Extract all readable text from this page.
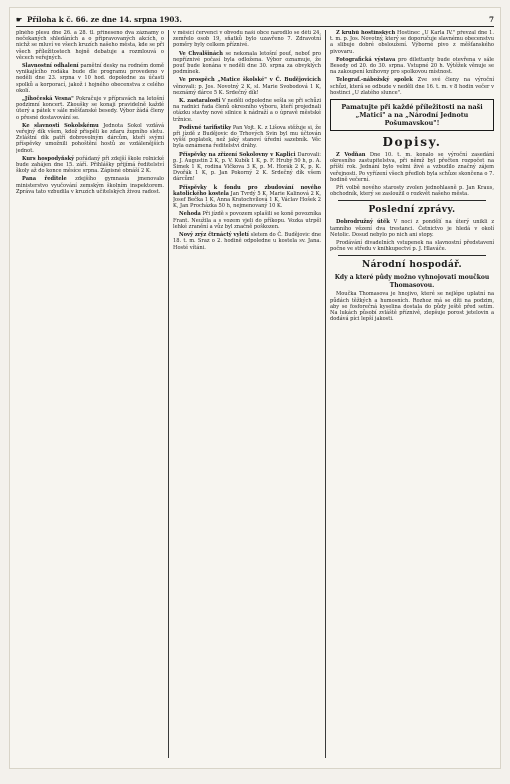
☛ Příloha k č. 66. ze dne 14. srpna 1903.	7

plného plesu dne 26. a 28. tl. přineseno dva záznamy o nečekaných shledáních a o připravovaných akcích, o nichž se mluví ve všech kruzích našeho města, kde se při všech příležitostech hojně debatuje a rozmlouvá o věcech veřejných.

Slavnostní odhalení pamětní desky na rodném domě vynikajícího rodáka bude dle programu provedeno v neděli dne 23. srpna v 10 hod. dopoledne za účasti spolků a korporací, jakož i hojného obecenstva z celého okolí.

„Jihočeská Vesna" Pokračuje v přípravách na letošní podzimní koncert. Zkoušky se konají pravidelně každé úterý a pátek v sále měšťanské besedy. Výbor žádá členy o přesné dostavování se.

Ke slavnosti Sokolskému Jednota Sokol vzdává veřejný dík všem, kdož přispěli ke zdaru župního sletu. Zvláštní dík patří dobrovolným dárcům, kteří svými příspěvky umožnili pohoštění hostů ze vzdálenějších jednot.

Kurs hospodyňský pořádaný při zdejší škole rolnické bude zahájen dne 15. září. Přihlášky přijímá ředitelství školy až do konce měsíce srpna. Zápisné obnáší 2 K.

Pana ředitele zdejšího gymnasia jmenovalo ministerstvo vyučování zemským školním inspektorem. Zpráva tato vzbudila v kruzích učitelských živou radost.

v měsíci červenci v obvodu naší obce narodilo se dětí 24, zemřelo osob 19, sňatků bylo uzavřeno 7. Zdravotní poměry byly celkem příznivé.

Ve Chvalšinách se nekonala letošní pouť, neboť pro nepříznivé počasí byla odložena. Výbor oznamuje, že pouť bude konána v neděli dne 30. srpna za obvyklých podmínek.

Ve prospěch „Matice školské" v Č. Budějovicích věnovali: p. Jos. Novotný 2 K, sl. Marie Svobodová 1 K, neznámý dárce 5 K. Srdečný dík!

K. zastaralosti V neděli odpoledne sešla se při schůzi na radnici řada členů okresního výboru, kteří projednali otázku stavby nové silnice k nádraží a o úpravě městské tržnice.

Podivné tarifistiky Pan Vojt. K. z Lišova stěžuje si, že při jízdě z Budějovic do Trhových Svin byl mu účtován vyšší poplatek, než jaký stanoví úřední sazebník. Věc byla oznámena ředitelství dráhy.

Příspěvky na zřízení Sokolovny v Kaplici Darovali: p. J. Augustin 2 K, p. V. Kubík 1 K, p. F. Hrubý 50 h, p. A. Šimek 1 K, rodina Vlčkova 3 K, p. M. Horák 2 K, p. K. Dvořák 1 K, p. Jan Pokorný 2 K. Srdečný dík všem dárcům!

Příspěvky k fondu pro zbudování nového katolického kostela Jan Tvrdý 5 K, Marie Kalinová 2 K, Josef Bečka 1 K, Anna Kratochvílová 1 K, Václav Hošek 2 K, Jan Procházka 50 h, nejmenovaný 10 K.

Nehoda Při jízdě s povozem splašili se koně povozníka Frant. Neužila a s vozem vjeli do příkopu. Vozka utrpěl lehké zranění a vůz byl značně poškozen.

Nový zrýz čtrnáctý vyletí sletem do Č. Budějovic dne 18. t. m. Sraz o 2. hodině odpoledne u kostela sv. Jana. Hosté vítáni.

Z kruhů hostinských Hostinec „U Karla IV." převzal dne 1. t. m. p. Jos. Novotný, který se doporučuje slavnému obecenstvu a slibuje dobré obsloužení. Výborné pivo z měšťanského pivovaru.

Fotografická výstava pro dilettanty bude otevřena v sále Besedy od 20. do 30. srpna. Vstupné 20 h. Výtěžek věnuje se na zakoupení knihovny pro spolkovou místnost.

Telegraf.-nábožský spolek Zve své členy na výroční schůzi, která se odbude v neděli dne 16. t. m. v 8 hodin večer v hostinci „U zlatého slunce".

Pamatujte při každé příležitosti na naši „Matici" a na „Národní Jednotu Pošumavskou"!
Dopisy.

Z Vodňan Dne 10. t. m. konalo se výroční zasedání okresního zastupitelstva, při němž byl přečten rozpočet na příští rok. Jednání bylo velmi živé a vzbudilo značný zájem veřejnosti. Po vyřízení všech předloh byla schůze skončena o 7. hodině večerní.

Při volbě nového starosty zvolen jednohlasně p. Jan Kraus, obchodník, který se zasloužil o rozkvět našeho města.

Poslední zprávy.

Dobrodružný útěk V noci z pondělí na úterý unikli z tamního vězení dva trestanci. Četnictvo je hledá v okolí Netolic. Dosud nebylo po nich ani stopy.

Prodávání divadelních vstupenek na slavnostní představení počne ve středu v knihkupectví p. J. Hlaváče.

Národní hospodář.
Kdy a které půdy možno vyhnojovati moučkou Thomasovou.

Moučka Thomasova je hnojivo, které se nejlépe uplatní na půdách těžkých a humosních. Rozhoz má se díti na podzim, aby se fosforečná kyselina dostala do půdy ještě před setím. Na lukách působí zvláště příznivě, zlepšuje porost jetelovin a dodává píci lepší jakosti.
